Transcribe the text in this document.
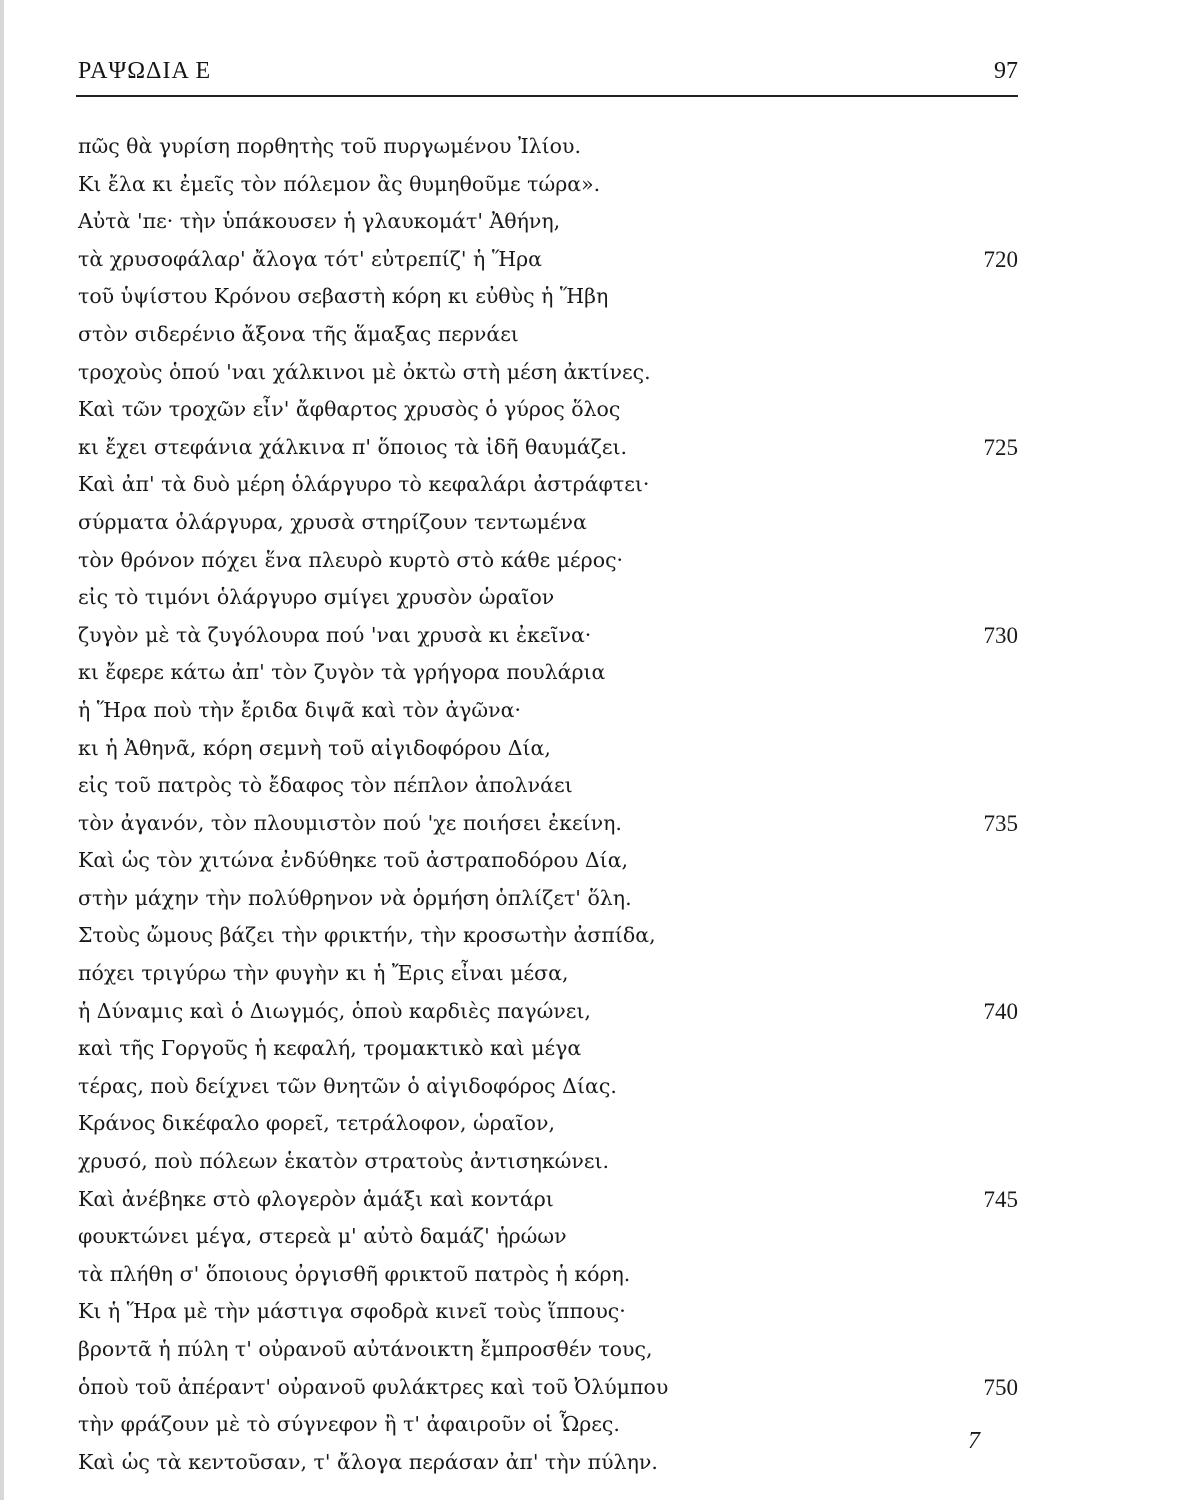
ΡΑΨΩΔΙΑ Ε	97
πῶς θὰ γυρίση πορθητὴς τοῦ πυργωμένου Ἰλίου.
Κι ἔλα κι ἐμεῖς τὸν πόλεμον ἂς θυμηθοῦμε τώρα».
Αὐτὰ 'πε· τὴν ὑπάκουσεν ἡ γλαυκομάτ' Ἀθήνη,
τὰ χρυσοφάλαρ' ἄλογα τότ' εὐτρεπίζ' ἡ Ἥρα	720
τοῦ ὑψίστου Κρόνου σεβαστὴ κόρη κι εὐθὺς ἡ Ἥβη
στὸν σιδερένιο ἄξονα τῆς ἅμαξας περνάει
τροχοὺς ὁπού 'ναι χάλκινοι μὲ ὀκτὼ στὴ μέση ἀκτίνες.
Καὶ τῶν τροχῶν εἶν' ἄφθαρτος χρυσὸς ὁ γύρος ὅλος
κι ἔχει στεφάνια χάλκινα π' ὅποιος τὰ ἰδῆ θαυμάζει.	725
Καὶ ἀπ' τὰ δυὸ μέρη ὁλάργυρο τὸ κεφαλάρι ἀστράφτει·
σύρματα ὁλάργυρα, χρυσὰ στηρίζουν τεντωμένα
τὸν θρόνον πόχει ἕνα πλευρὸ κυρτὸ στὸ κάθε μέρος·
εἰς τὸ τιμόνι ὁλάργυρο σμίγει χρυσὸν ὡραῖον
ζυγὸν μὲ τὰ ζυγόλουρα πού 'ναι χρυσὰ κι ἐκεῖνα·	730
κι ἔφερε κάτω ἀπ' τὸν ζυγὸν τὰ γρήγορα πουλάρια
ἡ Ἥρα ποὺ τὴν ἔριδα διψᾶ καὶ τὸν ἀγῶνα·
κι ἡ Ἀθηνᾶ, κόρη σεμνὴ τοῦ αἰγιδοφόρου Δία,
εἰς τοῦ πατρὸς τὸ ἔδαφος τὸν πέπλον ἀπολνάει
τὸν ἀγανόν, τὸν πλουμιστὸν πού 'χε ποιήσει ἐκείνη.	735
Καὶ ὡς τὸν χιτώνα ἐνδύθηκε τοῦ ἀστραποδόρου Δία,
στὴν μάχην τὴν πολύθρηνον νὰ ὁρμήση ὁπλίζετ' ὅλη.
Στοὺς ὤμους βάζει τὴν φρικτήν, τὴν κροσωτὴν ἀσπίδα,
πόχει τριγύρω τὴν φυγὴν κι ἡ Ἔρις εἶναι μέσα,
ἡ Δύναμις καὶ ὁ Διωγμός, ὁποὺ καρδιὲς παγώνει,	740
καὶ τῆς Γοργοῦς ἡ κεφαλή, τρομακτικὸ καὶ μέγα
τέρας, ποὺ δείχνει τῶν θνητῶν ὁ αἰγιδοφόρος Δίας.
Κράνος δικέφαλο φορεῖ, τετράλοφον, ὡραῖον,
χρυσό, ποὺ πόλεων ἑκατὸν στρατοὺς ἀντισηκώνει.
Καὶ ἀνέβηκε στὸ φλογερὸν ἁμάξι καὶ κοντάρι	745
φουκτώνει μέγα, στερεὰ μ' αὐτὸ δαμάζ' ἡρώων
τὰ πλήθη σ' ὅποιους ὀργισθῆ φρικτοῦ πατρὸς ἡ κόρη.
Κι ἡ Ἥρα μὲ τὴν μάστιγα σφοδρὰ κινεῖ τοὺς ἵππους·
βροντᾶ ἡ πύλη τ' οὐρανοῦ αὐτάνοικτη ἔμπροσθέν τους,
ὁποὺ τοῦ ἀπέραντ' οὐρανοῦ φυλάκτρες καὶ τοῦ Ὀλύμπου	750
τὴν φράζουν μὲ τὸ σύγνεφον ἢ τ' ἀφαιροῦν οἱ Ὧρες.
Καὶ ὡς τὰ κεντοῦσαν, τ' ἄλογα περάσαν ἀπ' τὴν πύλην.
7
